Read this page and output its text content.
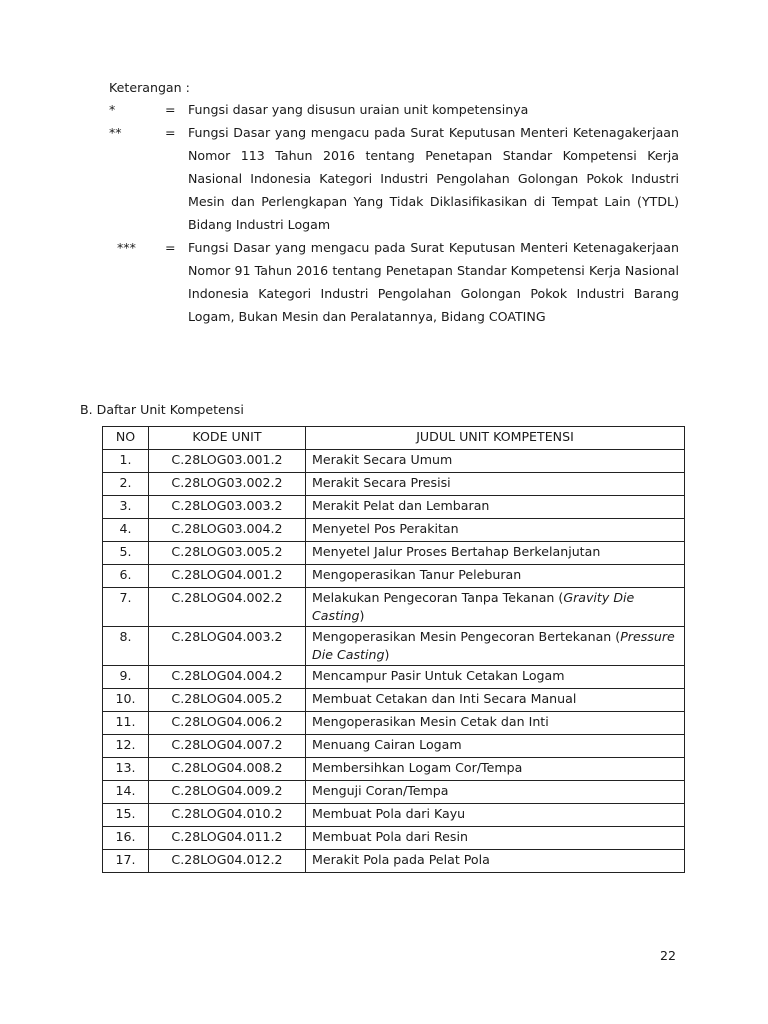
Keterangan :
*	= Fungsi dasar yang disusun uraian unit kompetensinya
**	= Fungsi Dasar yang mengacu pada Surat Keputusan Menteri Ketenagakerjaan Nomor 113 Tahun 2016 tentang Penetapan Standar Kompetensi Kerja Nasional Indonesia Kategori Industri Pengolahan Golongan Pokok Industri Mesin dan Perlengkapan Yang Tidak Diklasifikasikan di Tempat Lain (YTDL) Bidang Industri Logam
*** = Fungsi Dasar yang mengacu pada Surat Keputusan Menteri Ketenagakerjaan Nomor 91 Tahun 2016 tentang Penetapan Standar Kompetensi Kerja Nasional Indonesia Kategori Industri Pengolahan Golongan Pokok Industri Barang Logam, Bukan Mesin dan Peralatannya, Bidang COATING
B. Daftar Unit Kompetensi
NO	KODE UNIT	JUDUL UNIT KOMPETENSI
1.	C.28LOG03.001.2	Merakit Secara Umum
2.	C.28LOG03.002.2	Merakit Secara Presisi
3.	C.28LOG03.003.2	Merakit Pelat dan Lembaran
4.	C.28LOG03.004.2	Menyetel Pos Perakitan
5.	C.28LOG03.005.2	Menyetel Jalur Proses Bertahap Berkelanjutan
6.	C.28LOG04.001.2	Mengoperasikan Tanur Peleburan
7.	C.28LOG04.002.2	Melakukan Pengecoran Tanpa Tekanan (Gravity Die Casting)
8.	C.28LOG04.003.2	Mengoperasikan Mesin Pengecoran Bertekanan (Pressure Die Casting)
9.	C.28LOG04.004.2	Mencampur Pasir Untuk Cetakan Logam
10.	C.28LOG04.005.2	Membuat Cetakan dan Inti Secara Manual
11.	C.28LOG04.006.2	Mengoperasikan Mesin Cetak dan Inti
12.	C.28LOG04.007.2	Menuang Cairan Logam
13.	C.28LOG04.008.2	Membersihkan Logam Cor/Tempa
14.	C.28LOG04.009.2	Menguji Coran/Tempa
15.	C.28LOG04.010.2	Membuat Pola dari Kayu
16.	C.28LOG04.011.2	Membuat Pola dari Resin
17.	C.28LOG04.012.2	Merakit Pola pada Pelat Pola
22
